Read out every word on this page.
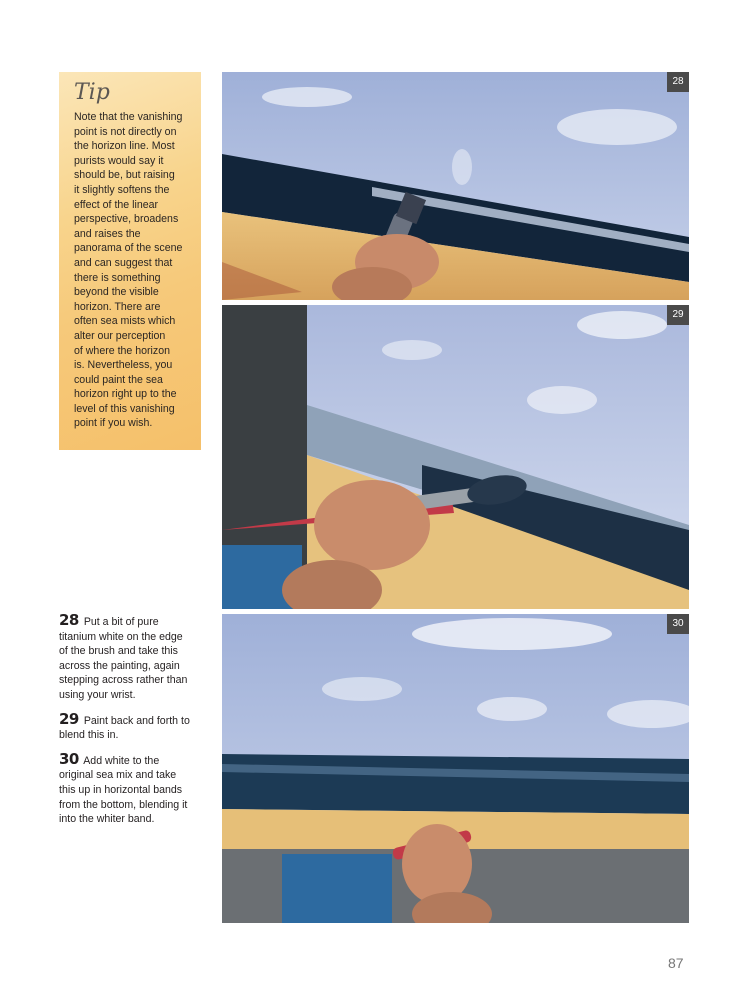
Tip
Note that the vanishing
point is not directly on
the horizon line. Most
purists would say it
should be, but raising
it slightly softens the
effect of the linear
perspective, broadens
and raises the
panorama of the scene
and can suggest that
there is something
beyond the visible
horizon. There are
often sea mists which
alter our perception
of where the horizon
is. Nevertheless, you
could paint the sea
horizon right up to the
level of this vanishing
point if you wish.
28
29
30
28 Put a bit of pure
titanium white on the edge
of the brush and take this
across the painting, again
stepping across rather than
using your wrist.
29 Paint back and forth to
blend this in.
30 Add white to the
original sea mix and take
this up in horizontal bands
from the bottom, blending it
into the whiter band.
87
